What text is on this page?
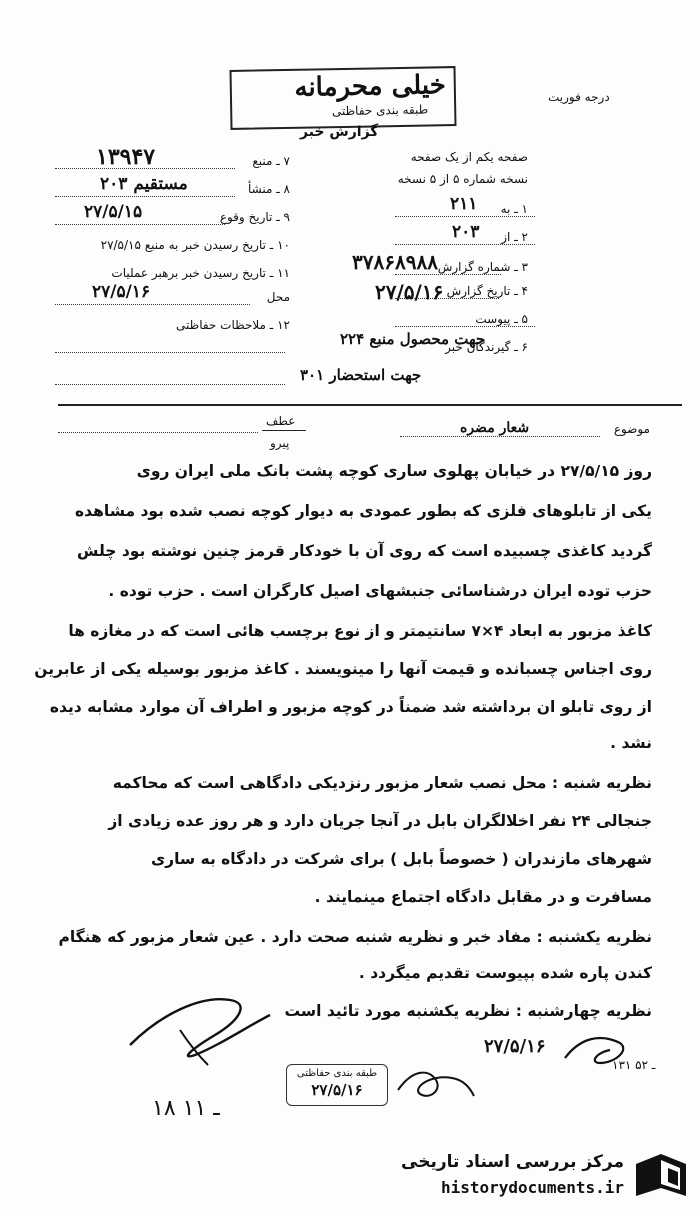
خیلی محرمانه
طبقه بندی حفاظتی
گزارش خبر
درجه فوریت
صفحه یکم از یک صفحه
نسخه شماره ۵ از ۵ نسخه
۱ ـ به
۲۱۱
۲ ـ از
۲۰۳
۳ ـ شماره گزارش
۳۷۸۶۸۹۸۸
۴ ـ تاریخ گزارش
۲۷/۵/۱۶
۵ ـ پیوست
۶ ـ گیرندگان خبر
۲۲۴ جهت محصول منبع
۳۰۱ جهت استحضار
۷ ـ منبع
۱۳۹۴۷
۸ ـ منشأ
۲۰۳ مستقیم
۹ ـ تاریخ وقوع
۲۷/۵/۱۵
۱۰ ـ تاریخ رسیدن خبر به منبع ۲۷/۵/۱۵
۱۱ ـ تاریخ رسیدن خبر برهبر عملیات
محل
۲۷/۵/۱۶
۱۲ ـ ملاحظات حفاظتی
موضوع
شعار مضره
عطف
پیرو
روز ۲۷/۵/۱۵ در خیابان پهلوی ساری کوچه پشت بانک ملی ایران روی
یکی از تابلوهای فلزی که بطور عمودی به دیوار کوچه نصب شده بود مشاهده
گردید کاغذی چسبیده است که روی آن با خودکار قرمز چنین نوشته بود چلش
حزب توده ایران درشناسائی جنبشهای اصیل کارگران است . حزب توده .
کاغذ مزبور به ابعاد ۴×۷ سانتیمتر و از نوع برچسب هائی است که در مغازه ها
روی اجناس چسبانده و قیمت آنها را مینویسند . کاغذ مزبور بوسیله یکی از عابرین
از روی تابلو ان برداشته شد ضمناً در کوچه مزبور و اطراف آن موارد مشابه دیده
نشد .
نظریه شنبه : محل نصب شعار مزبور رنزدیکی دادگاهی است که محاکمه
جنجالی ۲۴ نفر اخلالگران بابل در آنجا جریان دارد و هر روز عده زیادی از
شهرهای مازندران ( خصوصاً بابل ) برای شرکت در دادگاه به ساری
مسافرت و در مقابل دادگاه اجتماع مینمایند .
نظریه یکشنبه : مفاد خبر و نظریه شنبه صحت دارد . عین شعار مزبور که هنگام
کندن پاره شده بپیوست تقدیم میگردد .
نظریه چهارشنبه : نظریه یکشنبه مورد تائید است
۲۷/۵/۱۶
۱۳۱ ـ ۵۲
طبقه بندی حفاظتی
۲۷/۵/۱۶
۱۸ ـ ۱۱
مرکز بررسی اسناد تاریخی
historydocuments.ir
